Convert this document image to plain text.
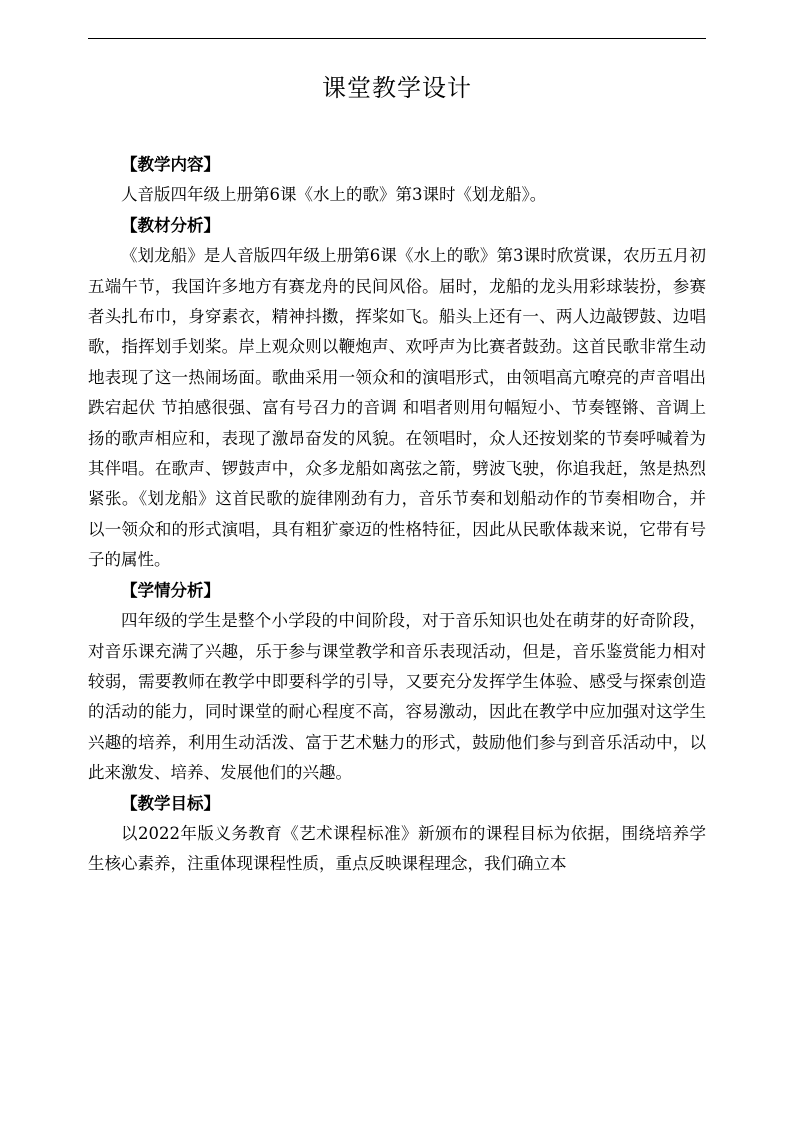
课堂教学设计

【教学内容】

人音版四年级上册第6课《水上的歌》第3课时《划龙船》。

【教材分析】

《划龙船》是人音版四年级上册第6课《水上的歌》第3课时欣赏课，农历五月初五端午节，我国许多地方有赛龙舟的民间风俗。届时，龙船的龙头用彩球装扮，参赛者头扎布巾，身穿素衣，精神抖擞，挥桨如飞。船头上还有一、两人边敲锣鼓、边唱歌，指挥划手划桨。岸上观众则以鞭炮声、欢呼声为比赛者鼓劲。这首民歌非常生动地表现了这一热闹场面。歌曲采用一领众和的演唱形式，由领唱高亢嘹亮的声音唱出跌宕起伏 节拍感很强、富有号召力的音调 和唱者则用句幅短小、节奏铿锵、音调上扬的歌声相应和，表现了激昂奋发的风貌。在领唱时，众人还按划桨的节奏呼喊着为其伴唱。在歌声、锣鼓声中，众多龙船如离弦之箭，劈波飞驶，你追我赶，煞是热烈紧张。《划龙船》这首民歌的旋律刚劲有力，音乐节奏和划船动作的节奏相吻合，并以一领众和的形式演唱，具有粗犷豪迈的性格特征，因此从民歌体裁来说，它带有号子的属性。

【学情分析】

四年级的学生是整个小学段的中间阶段，对于音乐知识也处在萌芽的好奇阶段，对音乐课充满了兴趣，乐于参与课堂教学和音乐表现活动，但是，音乐鉴赏能力相对较弱，需要教师在教学中即要科学的引导，又要充分发挥学生体验、感受与探索创造的活动的能力，同时课堂的耐心程度不高，容易激动，因此在教学中应加强对这学生兴趣的培养，利用生动活泼、富于艺术魅力的形式，鼓励他们参与到音乐活动中，以此来激发、培养、发展他们的兴趣。

【教学目标】

以2022年版义务教育《艺术课程标准》新颁布的课程目标为依据，围绕培养学生核心素养，注重体现课程性质，重点反映课程理念，我们确立本
